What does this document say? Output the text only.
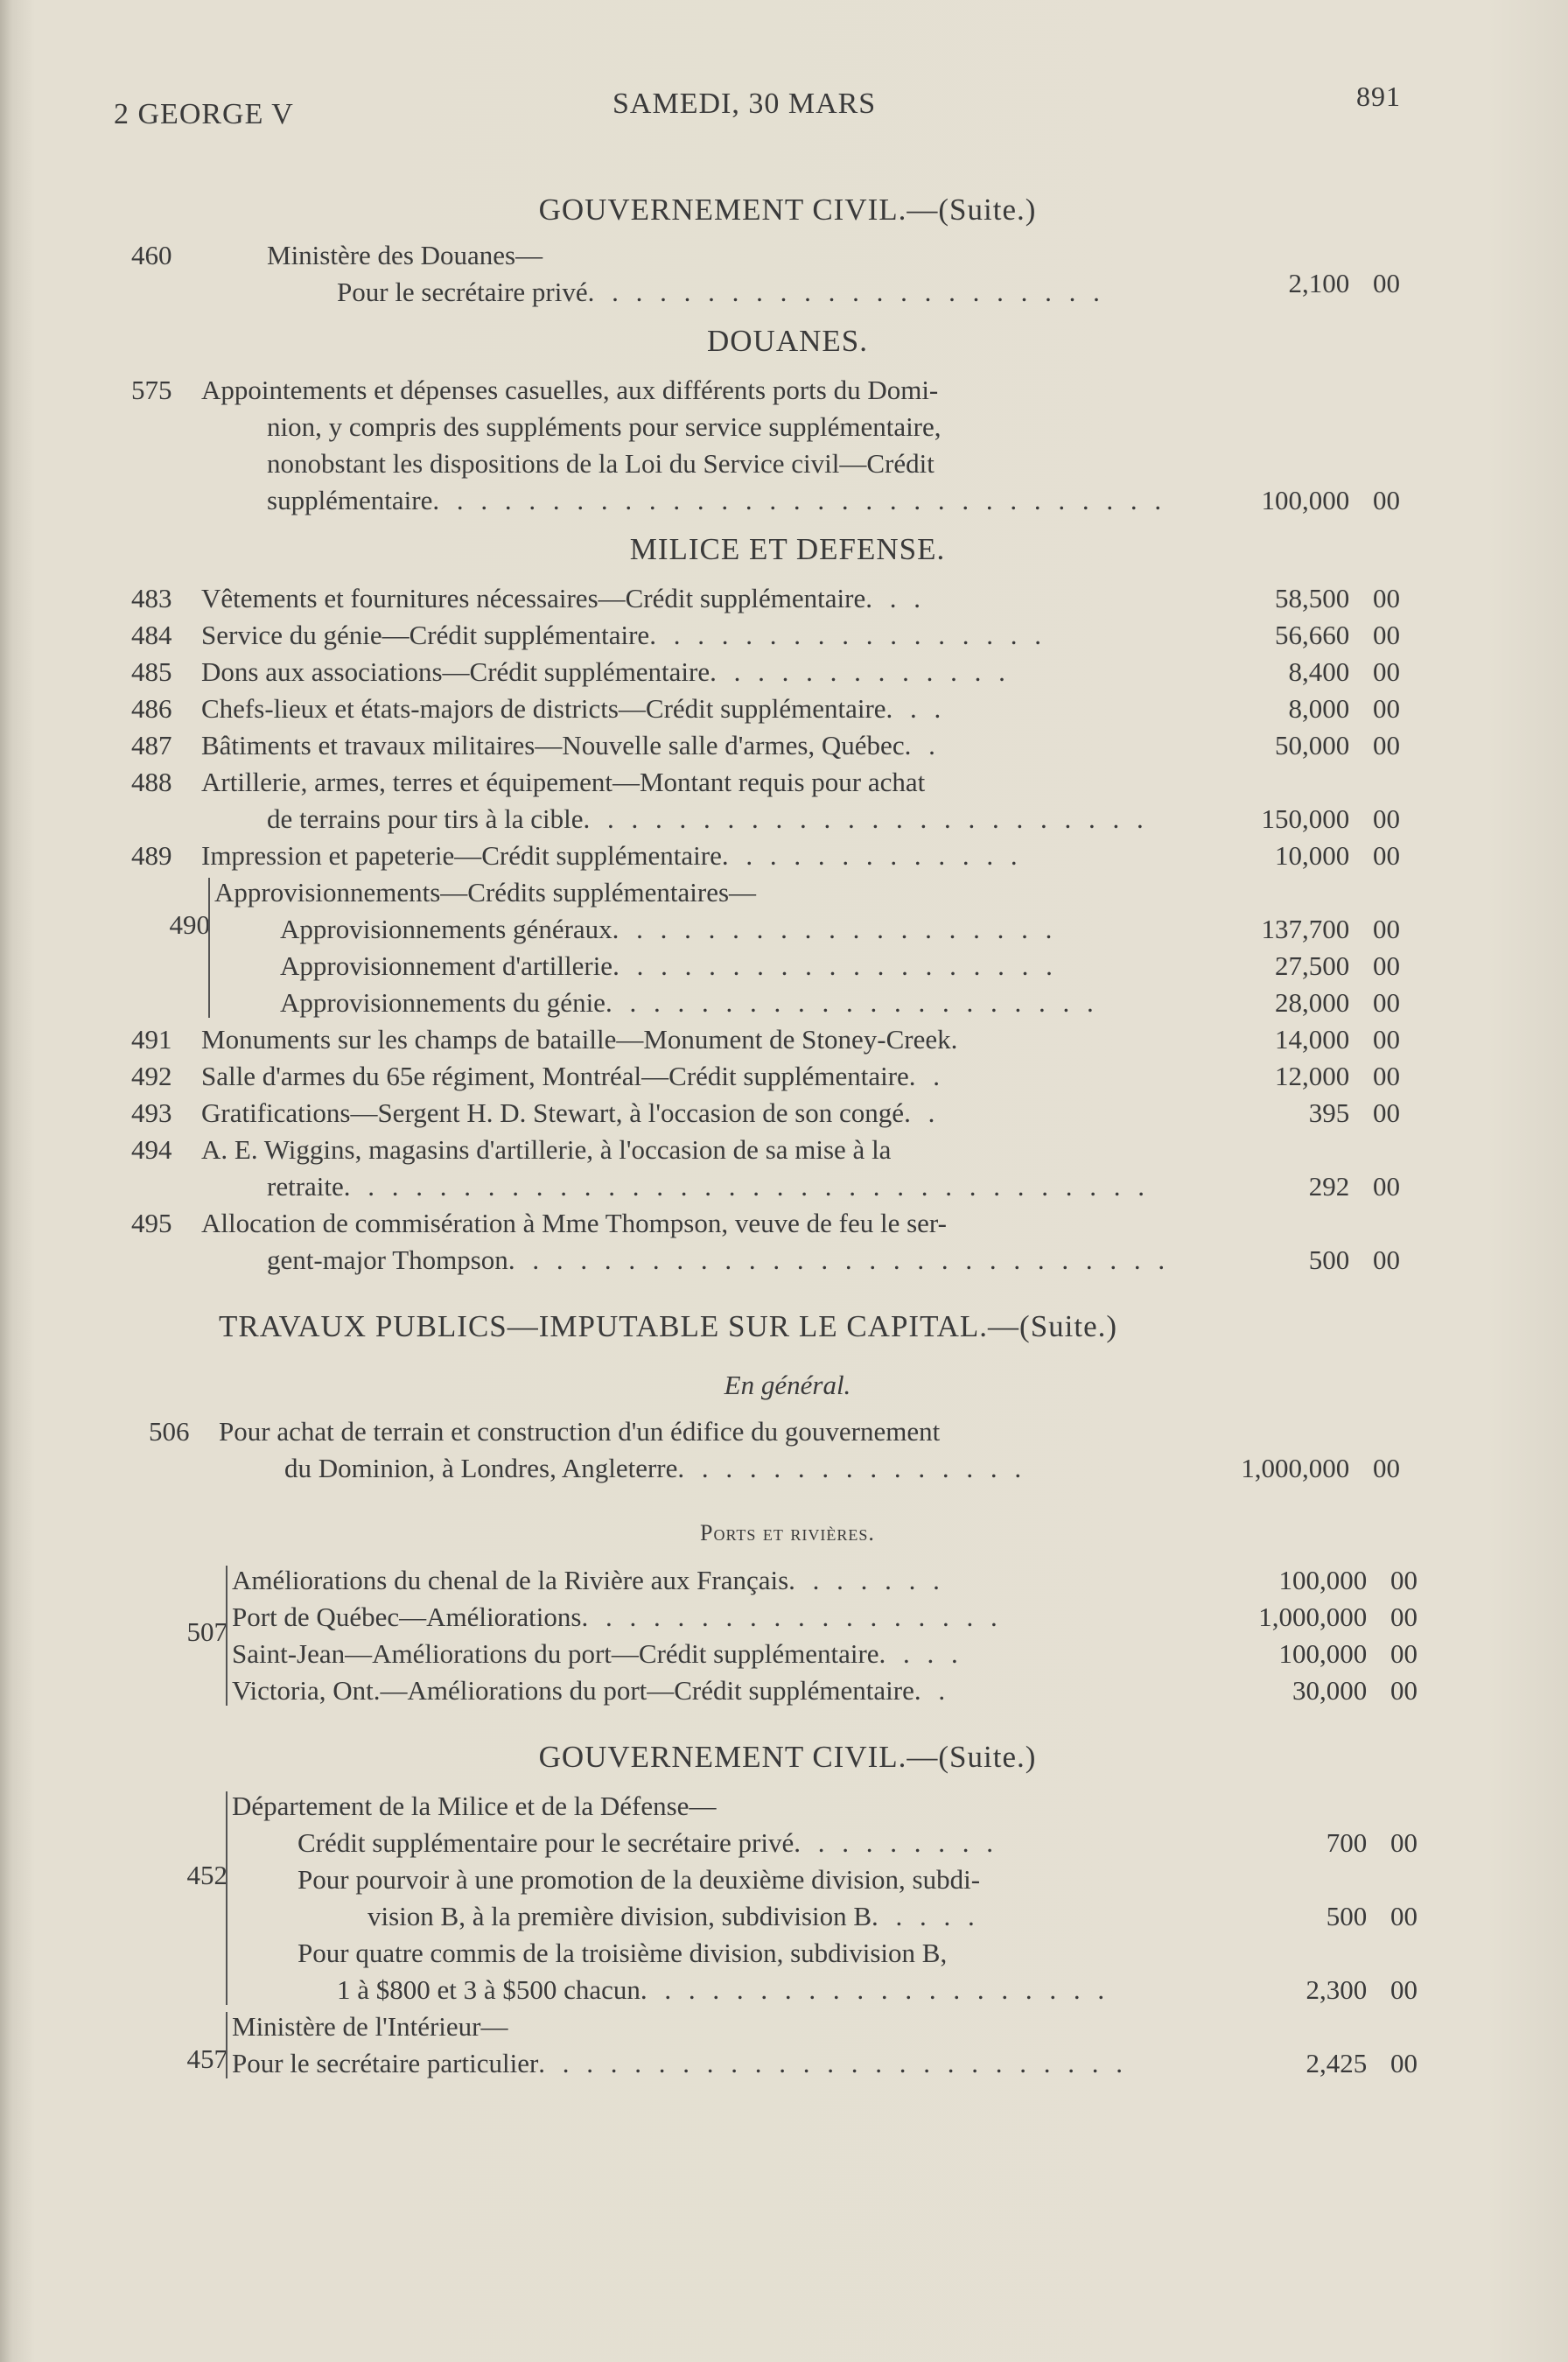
2 GEORGE V	SAMEDI, 30 MARS	891
GOUVERNEMENT CIVIL.—(Suite.)
460	Ministère des Douanes—
Pour le secrétaire privé. . . . . . . . . . . . . . . . . . . . . .	2,100 00
DOUANES.
575	Appointements et dépenses casuelles, aux différents ports du Domi-
nion, y compris des suppléments pour service supplémentaire,
nonobstant les dispositions de la Loi du Service civil—Crédit
supplémentaire. . . . . . . . . . . . . . . . . . . . . . . . . . . . . . .	100,000 00
MILICE ET DEFENSE.
483	Vêtements et fournitures nécessaires—Crédit supplémentaire. . .	58,500 00
484	Service du génie—Crédit supplémentaire. . . . . . . . . . . . . . . . .	56,660 00
485	Dons aux associations—Crédit supplémentaire. . . . . . . . . . . . .	8,400 00
486	Chefs-lieux et états-majors de districts—Crédit supplémentaire. . .	8,000 00
487	Bâtiments et travaux militaires—Nouvelle salle d'armes, Québec. .	50,000 00
488	Artillerie, armes, terres et équipement—Montant requis pour achat
de terrains pour tirs à la cible. . . . . . . . . . . . . . . . . . . . . . . .	150,000 00
489	Impression et papeterie—Crédit supplémentaire. . . . . . . . . . . . .	10,000 00
490
Approvisionnements—Crédits supplémentaires—
Approvisionnements généraux. . . . . . . . . . . . . . . . . . .	137,700 00
Approvisionnement d'artillerie. . . . . . . . . . . . . . . . . . .	27,500 00
Approvisionnements du génie. . . . . . . . . . . . . . . . . . . . .	28,000 00
491	Monuments sur les champs de bataille—Monument de Stoney-Creek.	14,000 00
492	Salle d'armes du 65e régiment, Montréal—Crédit supplémentaire. .	12,000 00
493	Gratifications—Sergent H. D. Stewart, à l'occasion de son congé. .	395 00
494	A. E. Wiggins, magasins d'artillerie, à l'occasion de sa mise à la
retraite. . . . . . . . . . . . . . . . . . . . . . . . . . . . . . . . . .	292 00
495	Allocation de commisération à Mme Thompson, veuve de feu le ser-
gent-major Thompson. . . . . . . . . . . . . . . . . . . . . . . . . . . .	500 00
TRAVAUX PUBLICS—IMPUTABLE SUR LE CAPITAL.—(Suite.)
En général.
506	Pour achat de terrain et construction d'un édifice du gouvernement
du Dominion, à Londres, Angleterre. . . . . . . . . . . . . . .	1,000,000 00
Ports et rivières.
507
Améliorations du chenal de la Rivière aux Français. . . . . . .	100,000 00
Port de Québec—Améliorations. . . . . . . . . . . . . . . . . .	1,000,000 00
Saint-Jean—Améliorations du port—Crédit supplémentaire. . . .	100,000 00
Victoria, Ont.—Améliorations du port—Crédit supplémentaire. .	30,000 00
GOUVERNEMENT CIVIL.—(Suite.)
452
Département de la Milice et de la Défense—
Crédit supplémentaire pour le secrétaire privé. . . . . . . . .	700 00
Pour pourvoir à une promotion de la deuxième division, subdi-
vision B, à la première division, subdivision B. . . . .	500 00
Pour quatre commis de la troisième division, subdivision B,
1 à $800 et 3 à $500 chacun. . . . . . . . . . . . . . . . . . . .	2,300 00
457
Ministère de l'Intérieur—
Pour le secrétaire particulier. . . . . . . . . . . . . . . . . . . . . . . . .	2,425 00
